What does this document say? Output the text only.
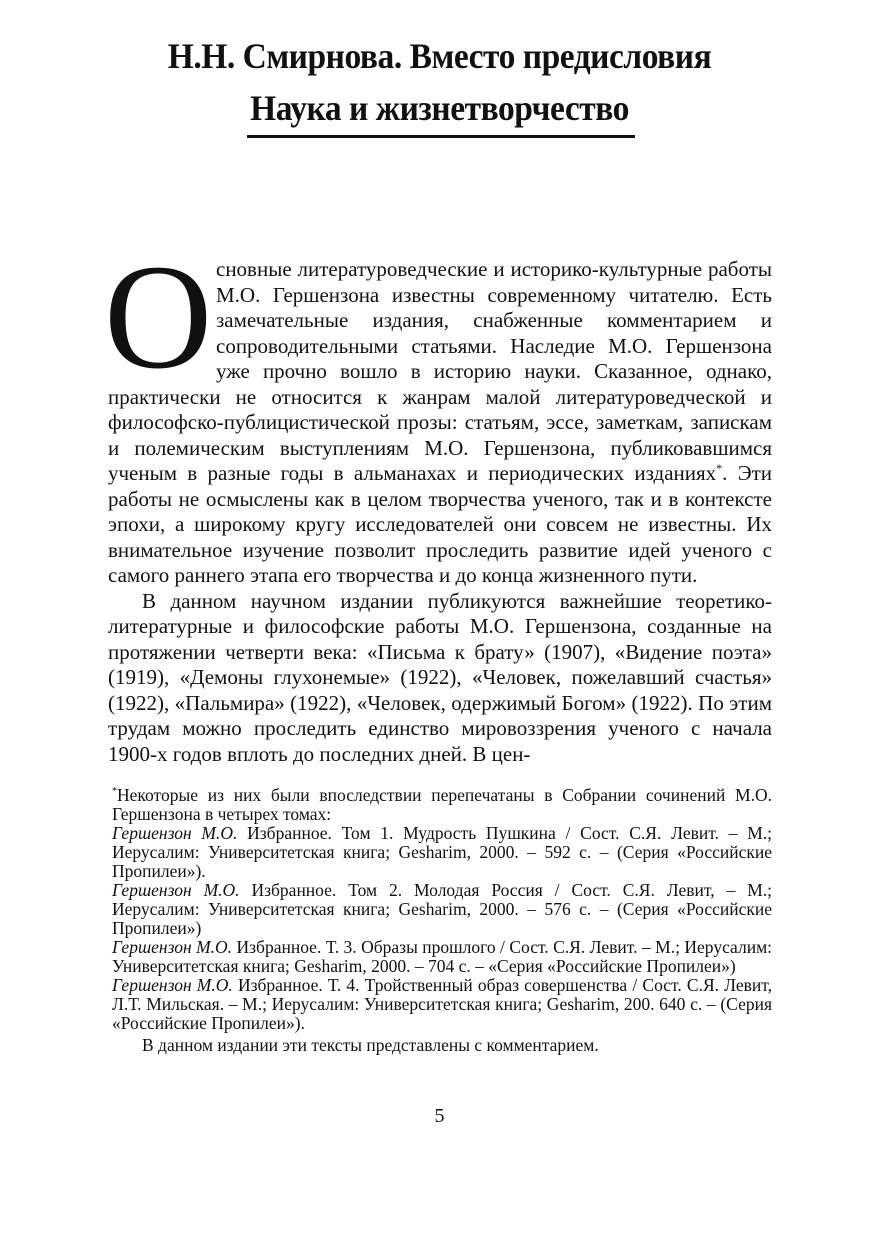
Н.Н. Смирнова. Вместо предисловия
Наука и жизнетворчество

Основные литературоведческие и историко-культурные работы М.О. Гершензона известны современному читателю. Есть замечательные издания, снабженные комментарием и сопроводительными статьями. Наследие М.О. Гершензона уже прочно вошло в историю науки. Сказанное, однако, практически не относится к жанрам малой литературоведческой и философско-публицистической прозы: статьям, эссе, заметкам, запискам и полемическим выступлениям М.О. Гершензона, публиковавшимся ученым в разные годы в альманахах и периодических изданиях*. Эти работы не осмыслены как в целом творчества ученого, так и в контексте эпохи, а широкому кругу исследователей они совсем не известны. Их внимательное изучение позволит проследить развитие идей ученого с самого раннего этапа его творчества и до конца жизненного пути.

В данном научном издании публикуются важнейшие теоретико-литературные и философские работы М.О. Гершензона, созданные на протяжении четверти века: «Письма к брату» (1907), «Видение поэта» (1919), «Демоны глухонемые» (1922), «Человек, пожелавший счастья» (1922), «Пальмира» (1922), «Человек, одержимый Богом» (1922). По этим трудам можно проследить единство мировоззрения ученого с начала 1900-х годов вплоть до последних дней. В цен-

*Некоторые из них были впоследствии перепечатаны в Собрании сочинений М.О. Гершензона в четырех томах:

Гершензон М.О. Избранное. Том 1. Мудрость Пушкина / Сост. С.Я. Левит. – М.; Иерусалим: Университетская книга; Gesharim, 2000. – 592 с. – (Серия «Российские Пропилеи»).

Гершензон М.О. Избранное. Том 2. Молодая Россия / Сост. С.Я. Левит, – М.; Иерусалим: Университетская книга; Gesharim, 2000. – 576 с. – (Серия «Российские Пропилеи»)

Гершензон М.О. Избранное. Т. 3. Образы прошлого / Сост. С.Я. Левит. – М.; Иерусалим: Университетская книга; Gesharim, 2000. – 704 с. – «Серия «Российские Пропилеи»)

Гершензон М.О. Избранное. Т. 4. Тройственный образ совершенства / Сост. С.Я. Левит, Л.Т. Мильская. – М.; Иерусалим: Университетская книга; Gesharim, 200. 640 с. – (Серия «Российские Пропилеи»).

В данном издании эти тексты представлены с комментарием.

5
